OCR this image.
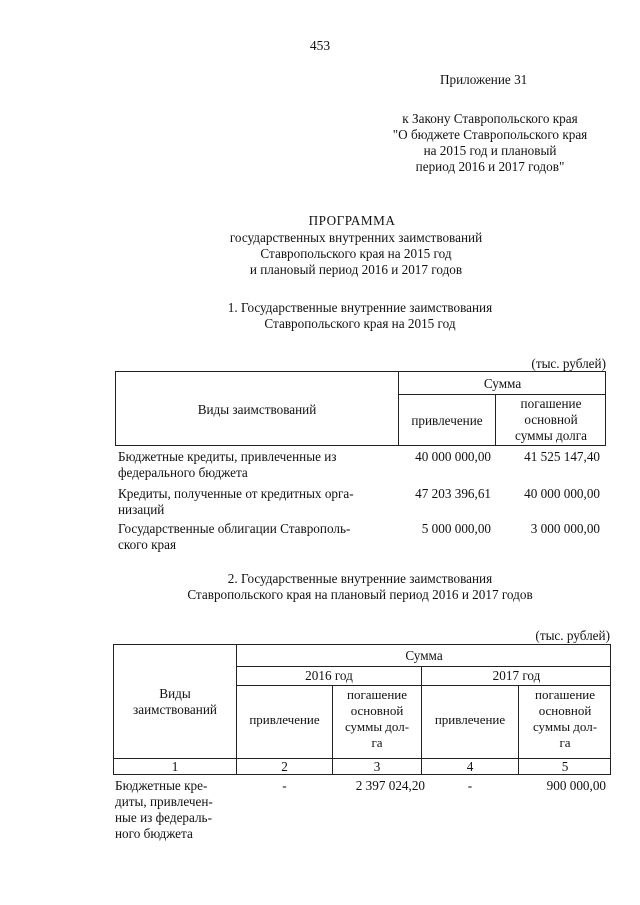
453
Приложение 31
к Закону Ставропольского края
"О бюджете Ставропольского края
на 2015 год и плановый
период 2016 и 2017 годов"
ПРОГРАММА
государственных внутренних заимствований
Ставропольского края на 2015 год
и плановый период 2016 и 2017 годов
1. Государственные внутренние заимствования
Ставропольского края на 2015 год
(тыс. рублей)
Виды заимствований
Сумма
привлечение
погашение
основной
суммы долга
Бюджетные кредиты, привлеченные из
федерального бюджета
40 000 000,00	41 525 147,40
Кредиты, полученные от кредитных орга-
низаций
47 203 396,61	40 000 000,00
Государственные облигации Ставрополь-
ского края
5 000 000,00	3 000 000,00
2. Государственные внутренние заимствования
Ставропольского края на плановый период 2016 и 2017 годов
(тыс. рублей)
Виды
заимствований
Сумма
2016 год	2017 год
привлечение
погашение
основной
суммы дол-
га
привлечение
погашение
основной
суммы дол-
га
1	2	3	4	5
Бюджетные кре-
диты, привлечен-
ные из федераль-
ного бюджета
-	2 397 024,20	-	900 000,00
